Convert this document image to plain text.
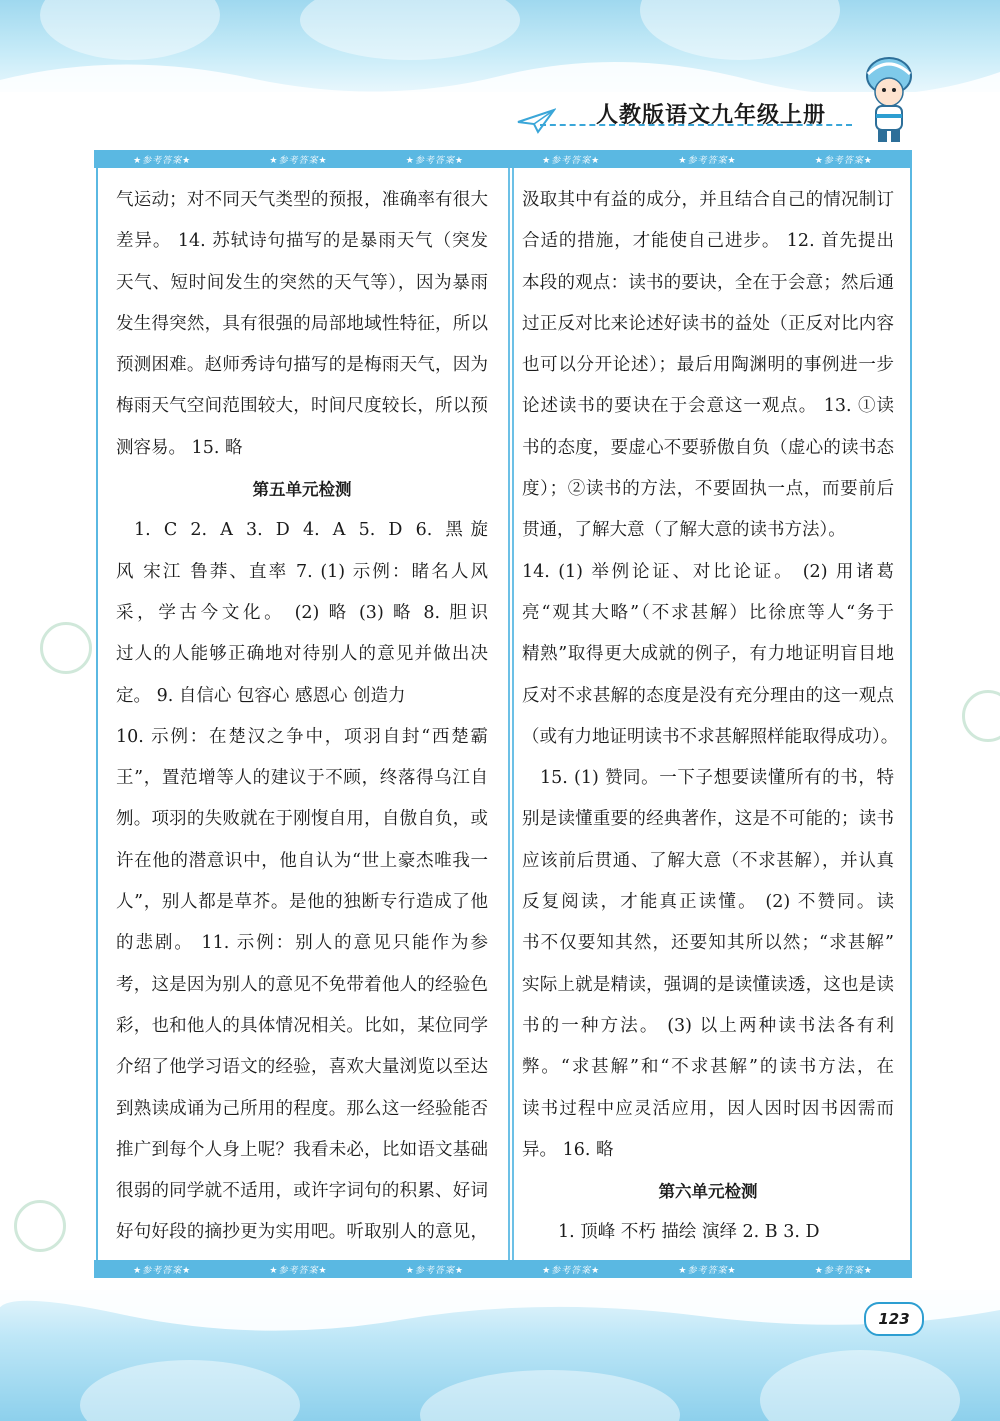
人教版语文九年级上册
★参考答案★	★参考答案★	★参考答案★	★参考答案★	★参考答案★	★参考答案★
★参考答案★	★参考答案★	★参考答案★	★参考答案★	★参考答案★	★参考答案★
气运动；对不同天气类型的预报，准确率有很大
差异。 14. 苏轼诗句描写的是暴雨天气（突发
天气、短时间发生的突然的天气等），因为暴雨
发生得突然，具有很强的局部地域性特征，所以
预测困难。赵师秀诗句描写的是梅雨天气，因为
梅雨天气空间范围较大，时间尺度较长，所以预
测容易。 15. 略
第五单元检测
1. C 2. A 3. D 4. A 5. D 6. 黑旋
风 宋江 鲁莽、直率 7. (1) 示例：睹名人风
采，学古今文化。 (2) 略 (3) 略 8. 胆识
过人的人能够正确地对待别人的意见并做出决
定。 9. 自信心 包容心 感恩心 创造力
10. 示例：在楚汉之争中，项羽自封“西楚霸
王”，置范增等人的建议于不顾，终落得乌江自
刎。项羽的失败就在于刚愎自用，自傲自负，或
许在他的潜意识中，他自认为“世上豪杰唯我一
人”，别人都是草芥。是他的独断专行造成了他
的悲剧。 11. 示例：别人的意见只能作为参
考，这是因为别人的意见不免带着他人的经验色
彩，也和他人的具体情况相关。比如，某位同学
介绍了他学习语文的经验，喜欢大量浏览以至达
到熟读成诵为己所用的程度。那么这一经验能否
推广到每个人身上呢？我看未必，比如语文基础
很弱的同学就不适用，或许字词句的积累、好词
好句好段的摘抄更为实用吧。听取别人的意见，
汲取其中有益的成分，并且结合自己的情况制订
合适的措施，才能使自己进步。 12. 首先提出
本段的观点：读书的要诀，全在于会意；然后通
过正反对比来论述好读书的益处（正反对比内容
也可以分开论述）；最后用陶渊明的事例进一步
论述读书的要诀在于会意这一观点。 13. ①读
书的态度，要虚心不要骄傲自负（虚心的读书态
度）；②读书的方法，不要固执一点，而要前后
贯通，了解大意（了解大意的读书方法）。
14. (1) 举例论证、对比论证。 (2) 用诸葛
亮“观其大略”（不求甚解）比徐庶等人“务于
精熟”取得更大成就的例子，有力地证明盲目地
反对不求甚解的态度是没有充分理由的这一观点
（或有力地证明读书不求甚解照样能取得成功）。
15. (1) 赞同。一下子想要读懂所有的书，特
别是读懂重要的经典著作，这是不可能的；读书
应该前后贯通、了解大意（不求甚解），并认真
反复阅读，才能真正读懂。 (2) 不赞同。读
书不仅要知其然，还要知其所以然；“求甚解”
实际上就是精读，强调的是读懂读透，这也是读
书的一种方法。 (3) 以上两种读书法各有利
弊。“求甚解”和“不求甚解”的读书方法，在
读书过程中应灵活应用，因人因时因书因需而
异。 16. 略
第六单元检测
1. 顶峰 不朽 描绘 演绎 2. B 3. D
123
